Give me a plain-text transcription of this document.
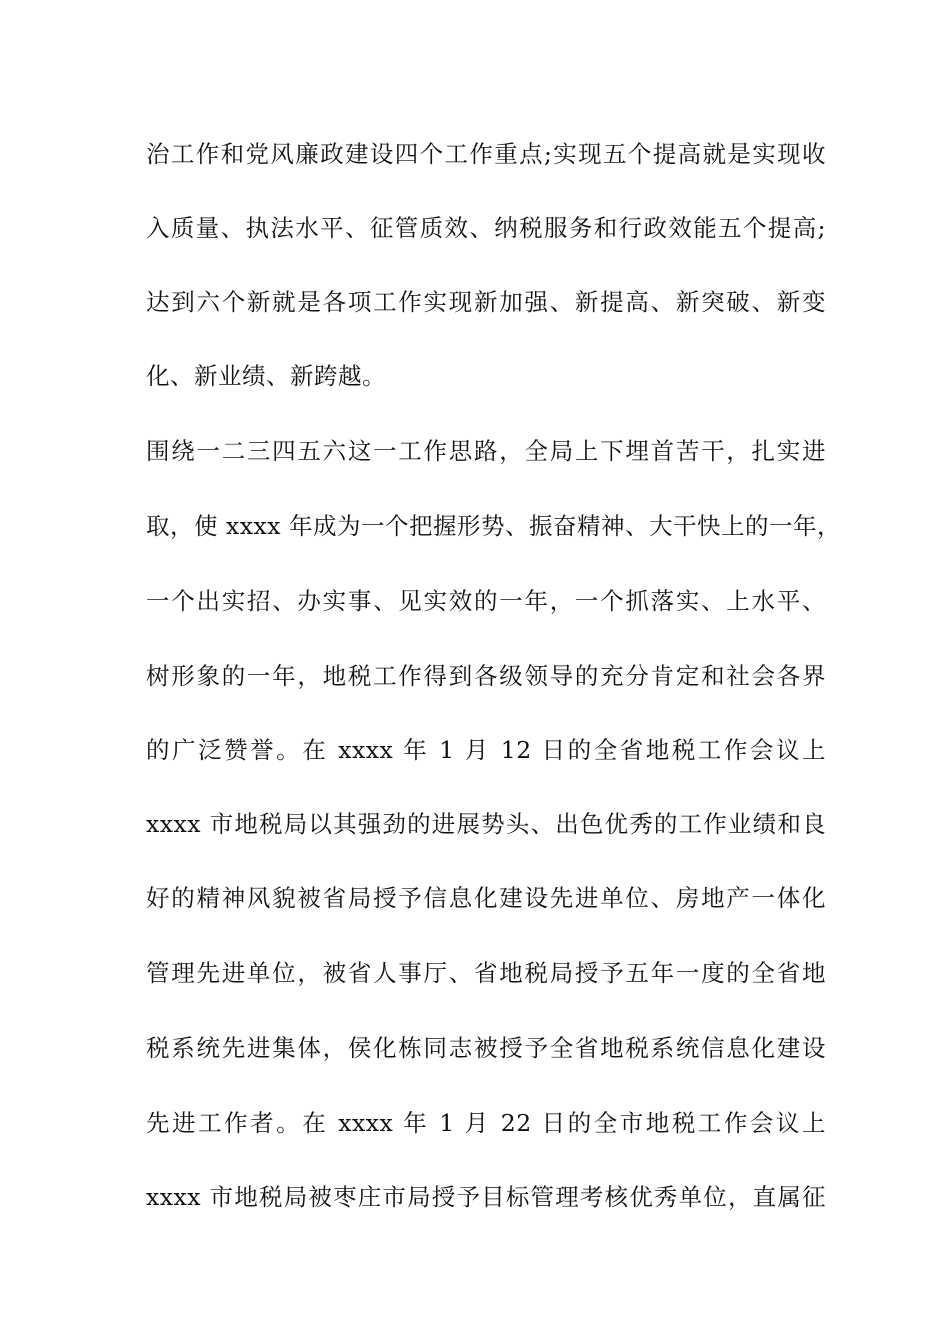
治工作和党风廉政建设四个工作重点;实现五个提高就是实现收
入质量、执法水平、征管质效、纳税服务和行政效能五个提高;
达到六个新就是各项工作实现新加强、新提高、新突破、新变
化、新业绩、新跨越。
围绕一二三四五六这一工作思路，全局上下埋首苦干，扎实进
取，使 xxxx 年成为一个把握形势、振奋精神、大干快上的一年，
一个出实招、办实事、见实效的一年，一个抓落实、上水平、
树形象的一年，地税工作得到各级领导的充分肯定和社会各界
的广泛赞誉。在 xxxx 年 1 月 12 日的全省地税工作会议上
xxxx 市地税局以其强劲的进展势头、出色优秀的工作业绩和良
好的精神风貌被省局授予信息化建设先进单位、房地产一体化
管理先进单位，被省人事厅、省地税局授予五年一度的全省地
税系统先进集体，侯化栋同志被授予全省地税系统信息化建设
先进工作者。在 xxxx 年 1 月 22 日的全市地税工作会议上
xxxx 市地税局被枣庄市局授予目标管理考核优秀单位，直属征
